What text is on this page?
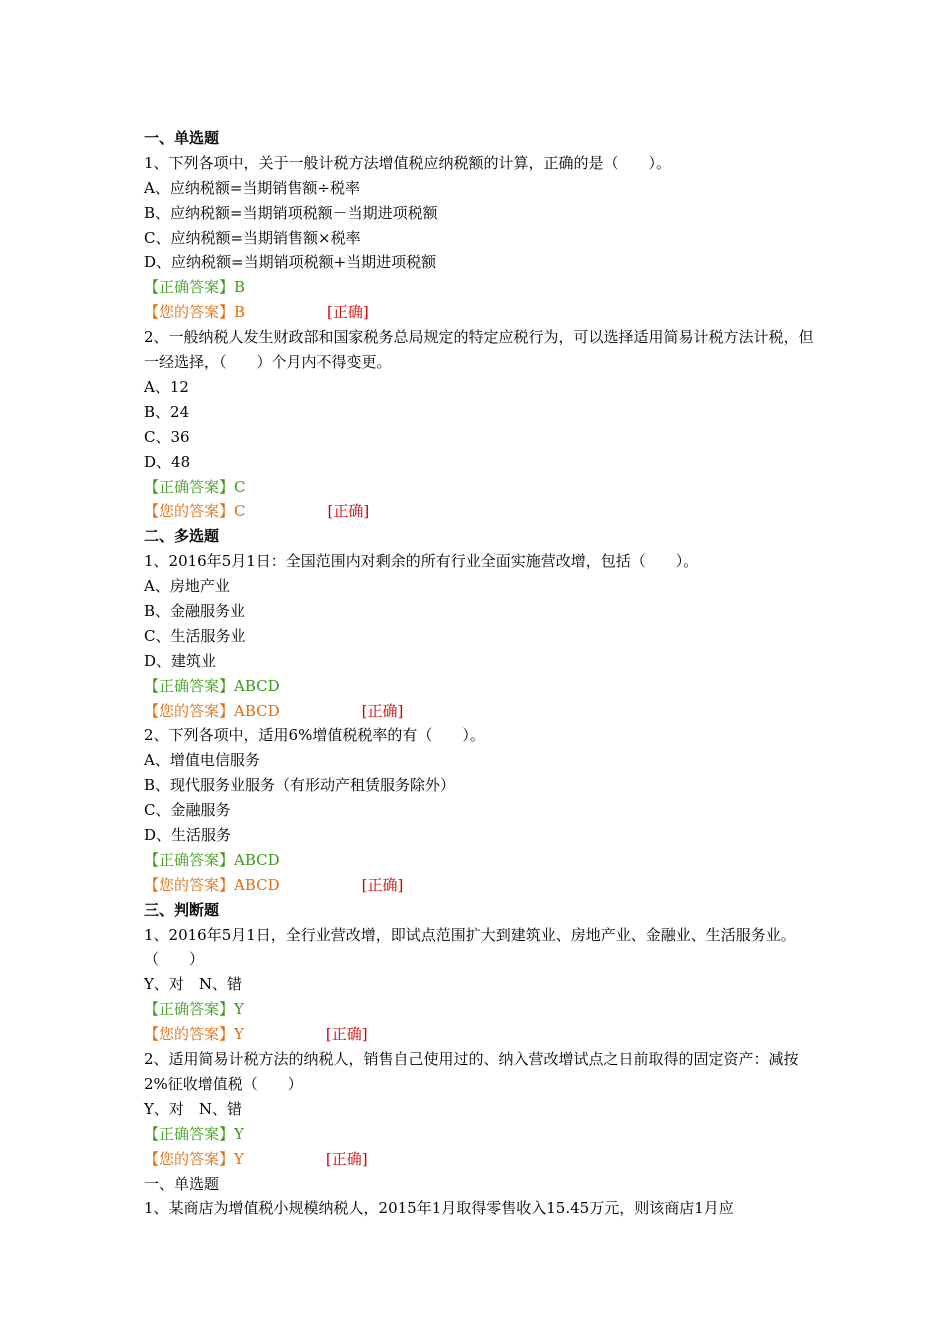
一、单选题
1、下列各项中，关于一般计税方法增值税应纳税额的计算，正确的是（　　）。
A、应纳税额=当期销售额÷税率
B、应纳税额=当期销项税额－当期进项税额
C、应纳税额=当期销售额×税率
D、应纳税额=当期销项税额+当期进项税额
【正确答案】B
【您的答案】B	[正确]
2、一般纳税人发生财政部和国家税务总局规定的特定应税行为，可以选择适用简易计税方法计税，但一经选择，（　　）个月内不得变更。
A、12
B、24
C、36
D、48
【正确答案】C
【您的答案】C	[正确]
二、多选题
1、2016年5月1日：全国范围内对剩余的所有行业全面实施营改增，包括（　　）。
A、房地产业
B、金融服务业
C、生活服务业
D、建筑业
【正确答案】ABCD
【您的答案】ABCD	[正确]
2、下列各项中，适用6%增值税税率的有（　　）。
A、增值电信服务
B、现代服务业服务（有形动产租赁服务除外）
C、金融服务
D、生活服务
【正确答案】ABCD
【您的答案】ABCD	[正确]
三、判断题
1、2016年5月1日，全行业营改增，即试点范围扩大到建筑业、房地产业、金融业、生活服务业。（　　）
Y、对　N、错
【正确答案】Y
【您的答案】Y	[正确]
2、适用简易计税方法的纳税人，销售自己使用过的、纳入营改增试点之日前取得的固定资产：减按2%征收增值税（　　）
Y、对　N、错
【正确答案】Y
【您的答案】Y	[正确]
一、单选题
1、某商店为增值税小规模纳税人，2015年1月取得零售收入15.45万元，则该商店1月应
